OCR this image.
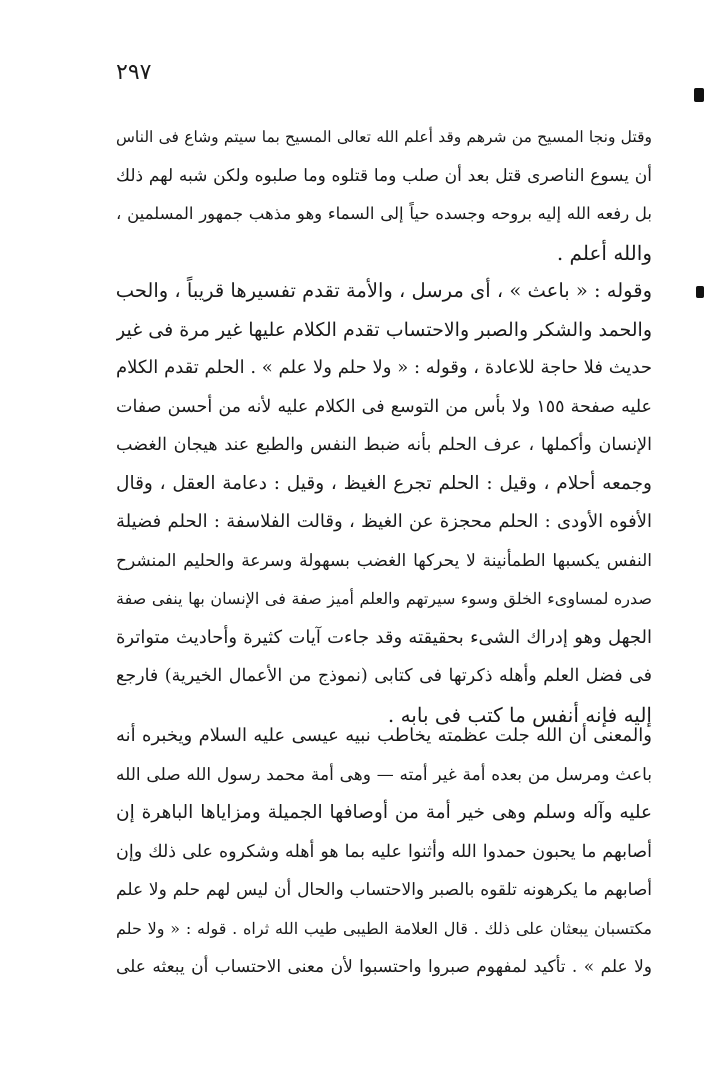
٢٩٧
وقتل ونجا المسيح من شرهم وقد أعلم الله تعالى المسيح بما سيتم وشاع فى الناس
أن يسوع الناصرى قتل بعد أن صلب وما قتلوه وما صلبوه ولكن شبه لهم ذلك
بل رفعه الله إليه بروحه وجسده حياً إلى السماء وهو مذهب جمهور المسلمين ،
والله أعلم .
وقوله : « باعث » ، أى مرسل ، والأمة تقدم تفسيرها قريباً ، والحب
والحمد والشكر والصبر والاحتساب تقدم الكلام عليها غير مرة فى غير
حديث فلا حاجة للاعادة ، وقوله : « ولا حلم ولا علم » . الحلم تقدم الكلام
عليه صفحة ١٥٥ ولا بأس من التوسع فى الكلام عليه لأنه من أحسن صفات
الإنسان وأكملها ، عرف الحلم بأنه ضبط النفس والطبع عند هيجان الغضب
وجمعه أحلام ، وقيل : الحلم تجرع الغيظ ، وقيل : دعامة العقل ، وقال
الأفوه الأودى : الحلم محجزة عن الغيظ ، وقالت الفلاسفة : الحلم فضيلة
النفس يكسبها الطمأنينة لا يحركها الغضب بسهولة وسرعة والحليم المنشرح
صدره لمساوىء الخلق وسوء سيرتهم والعلم أميز صفة فى الإنسان بها ينفى صفة
الجهل وهو إدراك الشىء بحقيقته وقد جاءت آيات كثيرة وأحاديث متواترة
فى فضل العلم وأهله ذكرتها فى كتابى (نموذج من الأعمال الخيرية) فارجع
إليه فإنه أنفس ما كتب فى بابه .
والمعنى أن الله جلت عظمته يخاطب نبيه عيسى عليه السلام ويخبره أنه
باعث ومرسل من بعده أمة غير أمته — وهى أمة محمد رسول الله صلى الله
عليه وآله وسلم وهى خير أمة من أوصافها الجميلة ومزاياها الباهرة إن
أصابهم ما يحبون حمدوا الله وأثنوا عليه بما هو أهله وشكروه على ذلك وإن
أصابهم ما يكرهونه تلقوه بالصبر والاحتساب والحال أن ليس لهم حلم ولا علم
مكتسبان يبعثان على ذلك . قال العلامة الطيبى طيب الله ثراه . قوله : « ولا حلم
ولا علم » . تأكيد لمفهوم صبروا واحتسبوا لأن معنى الاحتساب أن يبعثه على
